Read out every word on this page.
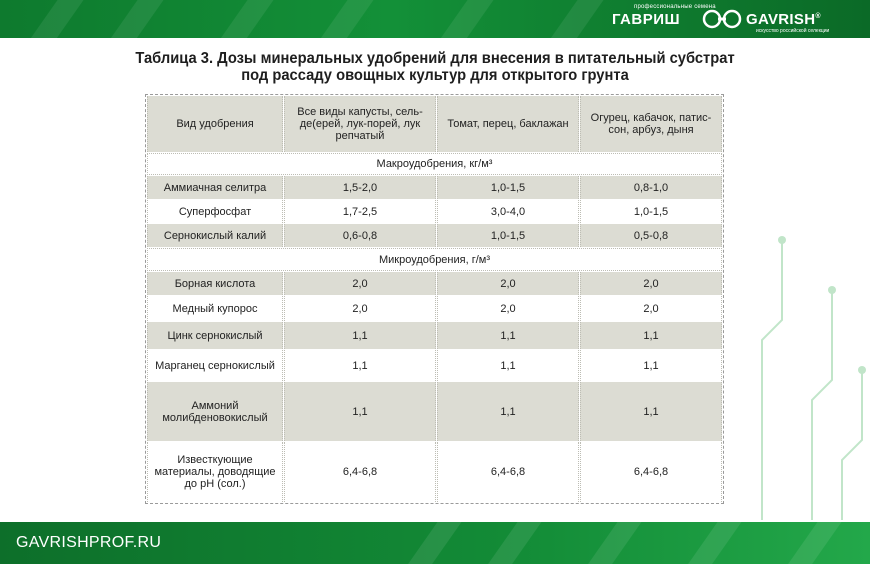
профессиональные семена
ГАВРИШ	GAVRISH®
искусство российской селекции
Таблица 3. Дозы минеральных удобрений для внесения в питательный субстрат
под рассаду овощных культур для открытого грунта
Вид удобрения	Все виды капусты, сель-де(ерей, лук-порей, лук репчатый	Томат, перец, баклажан	Огурец, кабачок, патис-сон, арбуз, дыня
Макроудобрения, кг/м³			
Аммиачная селитра	1,5-2,0	1,0-1,5	0,8-1,0
Суперфосфат	1,7-2,5	3,0-4,0	1,0-1,5
Сернокислый калий	0,6-0,8	1,0-1,5	0,5-0,8
Микроудобрения, г/м³			
Борная кислота	2,0	2,0	2,0
Медный купорос	2,0	2,0	2,0
Цинк сернокислый	1,1	1,1	1,1
Марганец сернокислый	1,1	1,1	1,1
Аммоний молибденовокислый	1,1	1,1	1,1
Известкующие материалы, доводящие до pH (сол.)	6,4-6,8	6,4-6,8	6,4-6,8
GAVRISHPROF.RU
